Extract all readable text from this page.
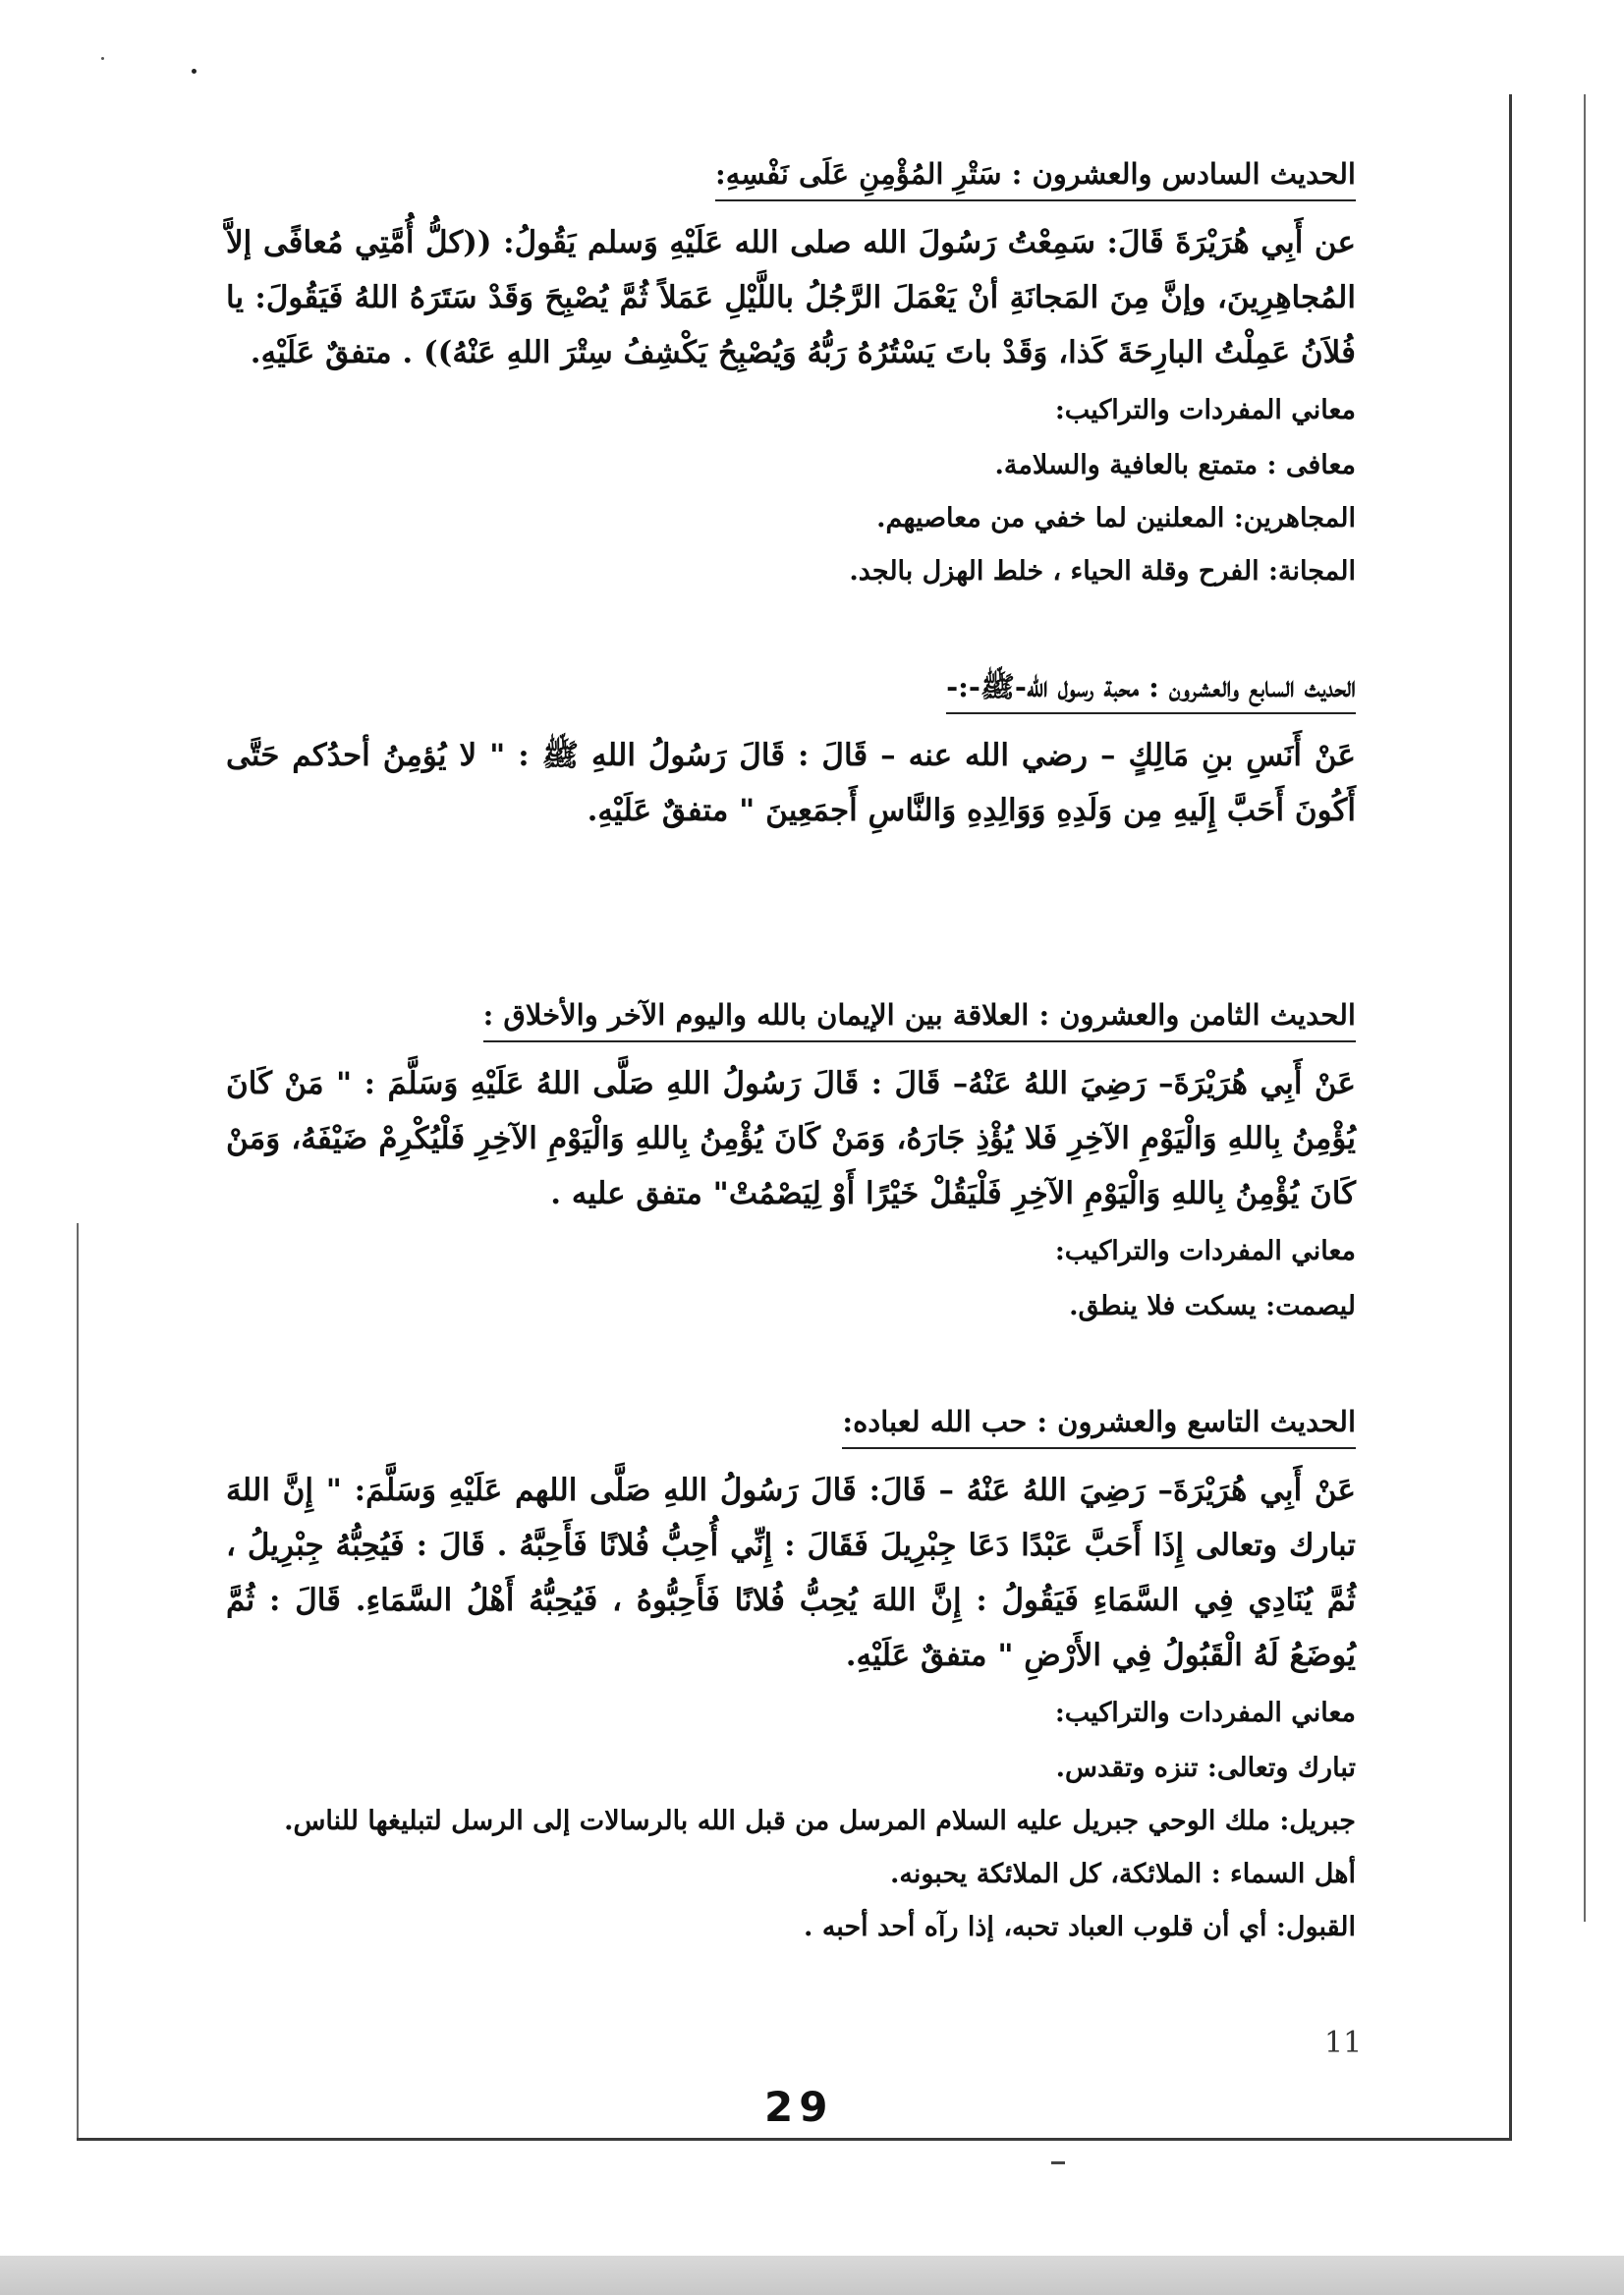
الحديث السادس والعشرون : سَتْرِ المُؤْمِنِ عَلَى نَفْسِهِ:

عن أَبِي هُرَيْرَةَ قَالَ: سَمِعْتُ رَسُولَ الله صلى الله عَلَيْهِ وَسلم يَقُولُ: ((كلُّ أُمَّتِي مُعافًى إلاَّ المُجاهِرِينَ، وإنَّ مِنَ المَجانَةِ أنْ يَعْمَلَ الرَّجُلُ باللَّيْلِ عَمَلاً ثُمَّ يُصْبِحَ وَقَدْ سَتَرَهُ اللهُ فَيَقُولَ: يا فُلاَنُ عَمِلْتُ البارِحَةَ كَذا، وَقَدْ باتَ يَسْتُرُهُ رَبُّهُ وَيُصْبِحُ يَكْشِفُ سِتْرَ اللهِ عَنْهُ)) . متفقٌ عَلَيْهِ.

معاني المفردات والتراكيب:

معافى : متمتع بالعافية والسلامة.

المجاهرين: المعلنين لما خفي من معاصيهم.

المجانة: الفرح وقلة الحياء ، خلط الهزل بالجد.

الحديث السابع والعشرون : محبة رسول الله-ﷺ-:-

عَنْ أَنَسِ بنِ مَالِكٍ – رضي الله عنه – قَالَ : قَالَ رَسُولُ اللهِ ﷺ : " لا يُؤمِنُ أحدُكم حَتَّى أَكُونَ أَحَبَّ إِلَيهِ مِن وَلَدِهِ وَوَالِدِهِ وَالنَّاسِ أَجمَعِينَ " متفقٌ عَلَيْهِ.

الحديث الثامن والعشرون : العلاقة بين الإيمان بالله واليوم الآخر والأخلاق :

عَنْ أَبِي هُرَيْرَةَ– رَضِيَ اللهُ عَنْهُ– قَالَ : قَالَ رَسُولُ اللهِ صَلَّى اللهُ عَلَيْهِ وَسَلَّمَ : " مَنْ كَانَ يُؤْمِنُ بِاللهِ وَالْيَوْمِ الآخِرِ فَلا يُؤْذِ جَارَهُ، وَمَنْ كَانَ يُؤْمِنُ بِاللهِ وَالْيَوْمِ الآخِرِ فَلْيُكْرِمْ ضَيْفَهُ، وَمَنْ كَانَ يُؤْمِنُ بِاللهِ وَالْيَوْمِ الآخِرِ فَلْيَقُلْ خَيْرًا أَوْ لِيَصْمُتْ" متفق عليه .

معاني المفردات والتراكيب:

ليصمت: يسكت فلا ينطق.

الحديث التاسع والعشرون : حب الله لعباده:

عَنْ أَبِي هُرَيْرَةَ– رَضِيَ اللهُ عَنْهُ – قَالَ: قَالَ رَسُولُ اللهِ صَلَّى اللهم عَلَيْهِ وَسَلَّمَ: " إِنَّ اللهَ تبارك وتعالى إِذَا أَحَبَّ عَبْدًا دَعَا جِبْرِيلَ فَقَالَ : إِنِّي أُحِبُّ فُلانًا فَأَحِبَّهُ . قَالَ : فَيُحِبُّهُ جِبْرِيلُ ، ثُمَّ يُنَادِي فِي السَّمَاءِ فَيَقُولُ : إِنَّ اللهَ يُحِبُّ فُلانًا فَأَحِبُّوهُ ، فَيُحِبُّهُ أَهْلُ السَّمَاءِ. قَالَ : ثُمَّ يُوضَعُ لَهُ الْقَبُولُ فِي الأَرْضِ " متفقٌ عَلَيْهِ.

معاني المفردات والتراكيب:

تبارك وتعالى: تنزه وتقدس.

جبريل: ملك الوحي جبريل عليه السلام المرسل من قبل الله بالرسالات إلى الرسل لتبليغها للناس.

أهل السماء : الملائكة، كل الملائكة يحبونه.

القبول: أي أن قلوب العباد تحبه، إذا رآه أحد أحبه .

11
29
